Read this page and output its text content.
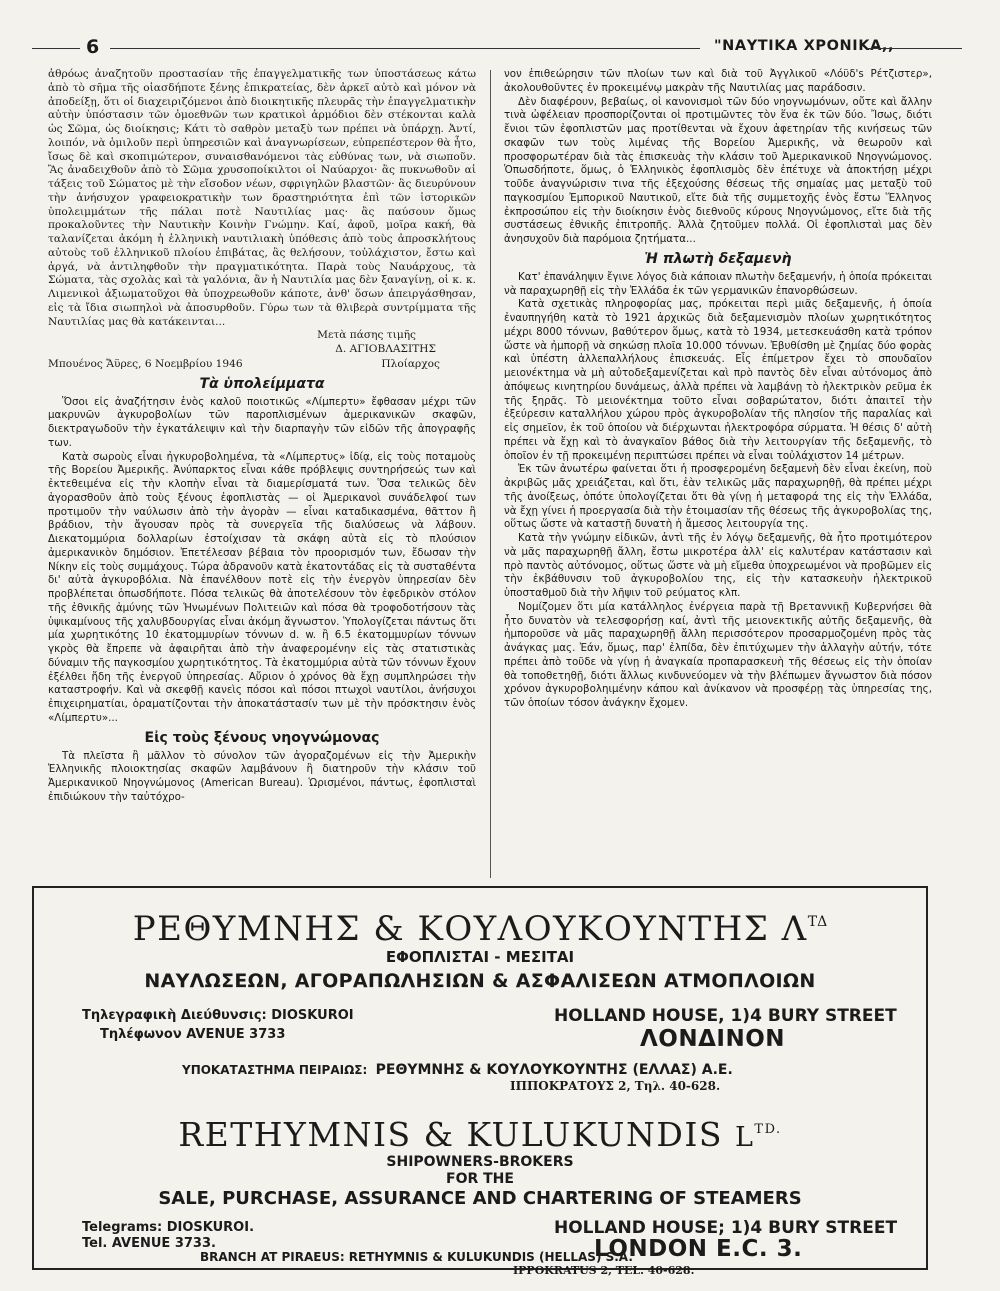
6	"ΝΑΥΤΙΚΑ ΧΡΟΝΙΚΑ,,

ἀθρόως ἀναζητοῦν προστασίαν τῆς ἐπαγγελματικῆς των ὑποστάσεως κάτω ἀπὸ τὸ σῆμα τῆς οἱασδήποτε ξένης ἐπικρατείας, δὲν ἀρκεῖ αὐτὸ καὶ μόνον νὰ ἀποδείξῃ, ὅτι οἱ διαχειριζόμενοι ἀπὸ διοικητικῆς πλευρᾶς τὴν ἐπαγγελματικὴν αὐτὴν ὑπόστασιν τῶν ὁμοεθνῶν των κρατικοὶ ἁρμόδιοι δὲν στέκονται καλὰ ὡς Σῶμα, ὡς διοίκησις; Κάτι τὸ σαθρὸν μεταξὺ των πρέπει νὰ ὑπάρχῃ. Ἀντί, λοιπόν, νὰ ὁμιλοῦν περὶ ὑπηρεσιῶν καὶ ἀναγνωρίσεων, εὐπρεπέστερον θὰ ἦτο, ἴσως δὲ καὶ σκοπιμώτερον, συναισθανόμενοι τὰς εὐθύνας των, νὰ σιωποῦν. Ἂς ἀναδειχθοῦν ἀπὸ τὸ Σῶμα χρυσοποίκιλτοι οἱ Ναύαρχοι· ἂς πυκνωθοῦν αἱ τάξεις τοῦ Σώματος μὲ τὴν εἴσοδον νέων, σφριγηλῶν βλαστῶν· ἂς διευρύνουν τὴν ἀνήσυχον γραφειοκρατικὴν των δραστηριότητα ἐπὶ τῶν ἱστορικῶν ὑπολειμμάτων τῆς πάλαι ποτὲ Ναυτιλίας μας· ἂς παύσουν ὅμως προκαλοῦντες τὴν Ναυτικὴν Κοινὴν Γνώμην. Καί, ἀφοῦ, μοῖρα κακή, θὰ ταλανίζεται ἀκόμη ἡ ἑλληνικὴ ναυτιλιακὴ ὑπόθεσις ἀπὸ τοὺς ἀπροσκλήτους αὐτοὺς τοῦ ἑλληνικοῦ πλοίου ἐπιβάτας, ἂς θελήσουν, τοὐλάχιστον, ἔστω καὶ ἀργά, νὰ ἀντιληφθοῦν τὴν πραγματικότητα. Παρὰ τοὺς Ναυάρχους, τὰ Σώματα, τὰς σχολὰς καὶ τὰ γαλόνια, ἂν ἡ Ναυτιλία μας δὲν ξαναγίνῃ, οἱ κ. κ. Λιμενικοὶ ἀξιωματοῦχοι θὰ ὑποχρεωθοῦν κάποτε, ἀνθ' ὅσων ἀπειργάσθησαν, εἰς τὰ ἴδια σιωπηλοὶ νὰ ἀποσυρθοῦν. Γύρω των τὰ θλιβερὰ συντρίμματα τῆς Ναυτιλίας μας θὰ κατάκεινται...

Μετὰ πάσης τιμῆς
Δ. ΑΓΙΟΒΛΑΣΙΤΗΣ
Μπουένος Ἄϋρες, 6 Νοεμβρίου 1946	Πλοίαρχος
Τὰ ὑπολείμματα

Ὅσοι εἰς ἀναζήτησιν ἑνὸς καλοῦ ποιοτικῶς «Λίμπερτυ» ἔφθασαν μέχρι τῶν μακρυνῶν ἀγκυροβολίων τῶν παροπλισμένων ἀμερικανικῶν σκαφῶν, διεκτραγωδοῦν τὴν ἐγκατάλειψιν καὶ τὴν διαρπαγὴν τῶν εἰδῶν τῆς ἀπογραφῆς των.

Κατὰ σωροὺς εἶναι ἠγκυροβολημένα, τὰ «Λίμπερτυς» ἰδίᾳ, εἰς τοὺς ποταμοὺς τῆς Βορείου Ἀμερικῆς. Ἀνύπαρκτος εἶναι κάθε πρόβλεψις συντηρήσεώς των καὶ ἐκτεθειμένα εἰς τὴν κλοπὴν εἶναι τὰ διαμερίσματά των. Ὅσα τελικῶς δὲν ἀγορασθοῦν ἀπὸ τοὺς ξένους ἐφοπλιστὰς — οἱ Ἀμερικανοὶ συνάδελφοί των προτιμοῦν τὴν ναύλωσιν ἀπὸ τὴν ἀγορὰν — εἶναι καταδικασμένα, θᾶττον ἢ βράδιον, τὴν ἄγουσαν πρὸς τὰ συνεργεῖα τῆς διαλύσεως νὰ λάβουν. Διεκατομμύρια δολλαρίων ἐστοίχισαν τὰ σκάφη αὐτὰ εἰς τὸ πλούσιον ἀμερικανικὸν δημόσιον. Ἐπετέλεσαν βέβαια τὸν προορισμόν των, ἔδωσαν τὴν Νίκην εἰς τοὺς συμμάχους. Τώρα ἀδρανοῦν κατὰ ἑκατοντάδας εἰς τὰ συσταθέντα δι' αὐτὰ ἀγκυροβόλια. Νὰ ἐπανέλθουν ποτὲ εἰς τὴν ἐνεργὸν ὑπηρεσίαν δὲν προβλέπεται ὁπωσδήποτε. Πόσα τελικῶς θὰ ἀποτελέσουν τὸν ἐφεδρικὸν στόλον τῆς ἐθνικῆς ἀμύνης τῶν Ἡνωμένων Πολιτειῶν καὶ πόσα θὰ τροφοδοτήσουν τὰς ὑψικαμίνους τῆς χαλυβδουργίας εἶναι ἀκόμη ἄγνωστον. Ὑπολογίζεται πάντως ὅτι μία χωρητικότης 10 ἑκατομμυρίων τόννων d. w. ἢ 6.5 ἑκατομμυρίων τόννων γκρὸς θὰ ἔπρεπε νὰ ἀφαιρῆται ἀπὸ τὴν ἀναφερομένην εἰς τὰς στατιστικὰς δύναμιν τῆς παγκοσμίου χωρητικότητος. Τὰ ἑκατομμύρια αὐτὰ τῶν τόννων ἔχουν ἐξέλθει ἤδη τῆς ἐνεργοῦ ὑπηρεσίας. Αὔριον ὁ χρόνος θὰ ἔχῃ συμπληρώσει τὴν καταστροφήν. Καὶ νὰ σκεφθῇ κανεὶς πόσοι καὶ πόσοι πτωχοὶ ναυτίλοι, ἀνήσυχοι ἐπιχειρηματίαι, ὁραματίζονται τὴν ἀποκατάστασίν των μὲ τὴν πρόσκτησιν ἑνὸς «Λίμπερτυ»...

Εἰς τοὺς ξένους νηογνώμονας

Τὰ πλεῖστα ἢ μᾶλλον τὸ σύνολον τῶν ἀγοραζομένων εἰς τὴν Ἀμερικὴν Ἑλληνικῆς πλοιοκτησίας σκαφῶν λαμβάνουν ἢ διατηροῦν τὴν κλάσιν τοῦ Ἀμερικανικοῦ Νηογνώμονος (American Bureau). Ὡρισμένοι, πάντως, ἐφοπλισταὶ ἐπιδιώκουν τὴν ταὐτόχρο-

νον ἐπιθεώρησιν τῶν πλοίων των καὶ διὰ τοῦ Ἀγγλικοῦ «Λόϋδ's Ρέτζιστερ», ἀκολουθοῦντες ἐν προκειμένῳ μακρὰν τῆς Ναυτιλίας μας παράδοσιν.

Δὲν διαφέρουν, βεβαίως, οἱ κανονισμοὶ τῶν δύο νηογνωμόνων, οὔτε καὶ ἄλλην τινὰ ὠφέλειαν προσπορίζονται οἱ προτιμῶντες τὸν ἕνα ἐκ τῶν δύο. Ἴσως, διότι ἔνιοι τῶν ἐφοπλιστῶν μας προτίθενται νὰ ἔχουν ἀφετηρίαν τῆς κινήσεως τῶν σκαφῶν των τοὺς λιμένας τῆς Βορείου Ἀμερικῆς, νὰ θεωροῦν καὶ προσφορωτέραν διὰ τὰς ἐπισκευὰς τὴν κλάσιν τοῦ Ἀμερικανικοῦ Νηογνώμονος. Ὁπωσδήποτε, ὅμως, ὁ Ἑλληνικὸς ἐφοπλισμὸς δὲν ἐπέτυχε νὰ ἀποκτήσῃ μέχρι τοῦδε ἀναγνώρισιν τινα τῆς ἐξεχούσης θέσεως τῆς σημαίας μας μεταξὺ τοῦ παγκοσμίου Ἐμπορικοῦ Ναυτικοῦ, εἴτε διὰ τῆς συμμετοχῆς ἑνὸς ἔστω Ἕλληνος ἐκπροσώπου εἰς τὴν διοίκησιν ἑνὸς διεθνοῦς κύρους Νηογνώμονος, εἴτε διὰ τῆς συστάσεως ἐθνικῆς ἐπιτροπῆς. Ἀλλὰ ζητοῦμεν πολλά. Οἱ ἐφοπλισταὶ μας δὲν ἀνησυχοῦν διὰ παρόμοια ζητήματα...

Ἡ πλωτὴ δεξαμενὴ

Κατ' ἐπανάληψιν ἔγινε λόγος διὰ κάποιαν πλωτὴν δεξαμενήν, ἡ ὁποία πρόκειται νὰ παραχωρηθῇ εἰς τὴν Ἑλλάδα ἐκ τῶν γερμανικῶν ἐπανορθώσεων.

Κατὰ σχετικὰς πληροφορίας μας, πρόκειται περὶ μιᾶς δεξαμενῆς, ἡ ὁποία ἐναυπηγήθη κατὰ τὸ 1921 ἀρχικῶς διὰ δεξαμενισμὸν πλοίων χωρητικότητος μέχρι 8000 τόννων, βαθύτερον ὅμως, κατὰ τὸ 1934, μετεσκευάσθη κατὰ τρόπον ὥστε νὰ ἠμπορῇ νὰ σηκώσῃ πλοῖα 10.000 τόννων. Ἐβυθίσθη μὲ ζημίας δύο φορὰς καὶ ὑπέστη ἀλλεπαλλήλους ἐπισκευάς. Εἶς ἐπίμετρον ἔχει τὸ σπουδαῖον μειονέκτημα νὰ μὴ αὐτοδεξαμενίζεται καὶ πρὸ παντὸς δὲν εἶναι αὐτόνομος ἀπὸ ἀπόψεως κινητηρίου δυνάμεως, ἀλλὰ πρέπει νὰ λαμβάνῃ τὸ ἠλεκτρικὸν ρεῦμα ἐκ τῆς ξηρᾶς. Τὸ μειονέκτημα τοῦτο εἶναι σοβαρώτατον, διότι ἀπαιτεῖ τὴν ἐξεύρεσιν καταλλήλου χώρου πρὸς ἀγκυροβολίαν τῆς πλησίον τῆς παραλίας καὶ εἰς σημεῖον, ἐκ τοῦ ὁποίου νὰ διέρχωνται ἠλεκτροφόρα σύρματα. Ἡ θέσις δ' αὐτὴ πρέπει νὰ ἔχῃ καὶ τὸ ἀναγκαῖον βάθος διὰ τὴν λειτουργίαν τῆς δεξαμενῆς, τὸ ὁποῖον ἐν τῇ προκειμένῃ περιπτώσει πρέπει νὰ εἶναι τοὐλάχιστον 14 μέτρων.

Ἐκ τῶν ἀνωτέρω φαίνεται ὅτι ἡ προσφερομένη δεξαμενὴ δὲν εἶναι ἐκείνη, ποὺ ἀκριβῶς μᾶς χρειάζεται, καὶ ὅτι, ἐὰν τελικῶς μᾶς παραχωρηθῇ, θὰ πρέπει μέχρι τῆς ἀνοίξεως, ὁπότε ὑπολογίζεται ὅτι θὰ γίνῃ ἡ μεταφορά της εἰς τὴν Ἑλλάδα, νὰ ἔχῃ γίνει ἡ προεργασία διὰ τὴν ἑτοιμασίαν τῆς θέσεως τῆς ἀγκυροβολίας της, οὕτως ὥστε νὰ καταστῇ δυνατὴ ἡ ἄμεσος λειτουργία της.

Κατὰ τὴν γνώμην εἰδικῶν, ἀντὶ τῆς ἐν λόγῳ δεξαμενῆς, θὰ ἦτο προτιμότερον νὰ μᾶς παραχωρηθῇ ἄλλη, ἔστω μικροτέρα ἀλλ' εἰς καλυτέραν κατάστασιν καὶ πρὸ παντὸς αὐτόνομος, οὕτως ὥστε νὰ μὴ εἴμεθα ὑποχρεωμένοι νὰ προβῶμεν εἰς τὴν ἐκβάθυνσιν τοῦ ἀγκυροβολίου της, εἰς τὴν κατασκευὴν ἠλεκτρικοῦ ὑποσταθμοῦ διὰ τὴν λῆψιν τοῦ ρεύματος κλπ.

Νομίζομεν ὅτι μία κατάλληλος ἐνέργεια παρὰ τῇ Βρεταννικῇ Κυβερνήσει θὰ ἦτο δυνατὸν νὰ τελεσφορήσῃ καί, ἀντὶ τῆς μειονεκτικῆς αὐτῆς δεξαμενῆς, θὰ ἠμποροῦσε νὰ μᾶς παραχωρηθῇ ἄλλη περισσότερον προσαρμοζομένη πρὸς τὰς ἀνάγκας μας. Ἐάν, ὅμως, παρ' ἐλπίδα, δὲν ἐπιτύχωμεν τὴν ἀλλαγὴν αὐτήν, τότε πρέπει ἀπὸ τοῦδε νὰ γίνῃ ἡ ἀναγκαία προπαρασκευὴ τῆς θέσεως εἰς τὴν ὁποίαν θὰ τοποθετηθῇ, διότι ἄλλως κινδυνεύομεν νὰ τὴν βλέπωμεν ἄγνωστον διὰ πόσον χρόνον ἀγκυροβοληιμένην κάπου καὶ ἀνίκανον νὰ προσφέρῃ τὰς ὑπηρεσίας της, τῶν ὁποίων τόσον ἀνάγκην ἔχομεν.

ΡΕΘΥΜΝΗΣ & ΚΟΥΛΟΥΚΟΥΝΤΗΣ $\Lambda^{T\Delta}$
ΕΦΟΠΛΙΣΤΑΙ - ΜΕΣΙΤΑΙ
ΝΑΥΛΩΣΕΩΝ, ΑΓΟΡΑΠΩΛΗΣΙΩΝ & ΑΣΦΑΛΙΣΕΩΝ ΑΤΜΟΠΛΟΙΩΝ
Τηλεγραφικὴ Διεύθυνσις: DIOSKUROI
Τηλέφωνον AVENUE 3733
HOLLAND HOUSE, 1)4 BURY STREET
ΛΟΝΔΙΝΟΝ
ΥΠΟΚΑΤΑΣΤΗΜΑ ΠΕΙΡΑΙΩΣ: ΡΕΘΥΜΝΗΣ & ΚΟΥΛΟΥΚΟΥΝΤΗΣ (ΕΛΛΑΣ) Α.Ε.
ΙΠΠΟΚΡΑΤΟΥΣ 2, Τηλ. 40-628.
RETHYMNIS & KULUKUNDIS $L^{TD.}$
SHIPOWNERS-BROKERS
FOR THE
SALE, PURCHASE, ASSURANCE AND CHARTERING OF STEAMERS
Telegrams: DIOSKUROI.
Tel. AVENUE 3733.
HOLLAND HOUSE; 1)4 BURY STREET
LONDON E.C. 3.
BRANCH AT PIRAEUS: RETHYMNIS & KULUKUNDIS (HELLAS) S.A.
IPPOKRATUS 2, TEL. 40-628.
